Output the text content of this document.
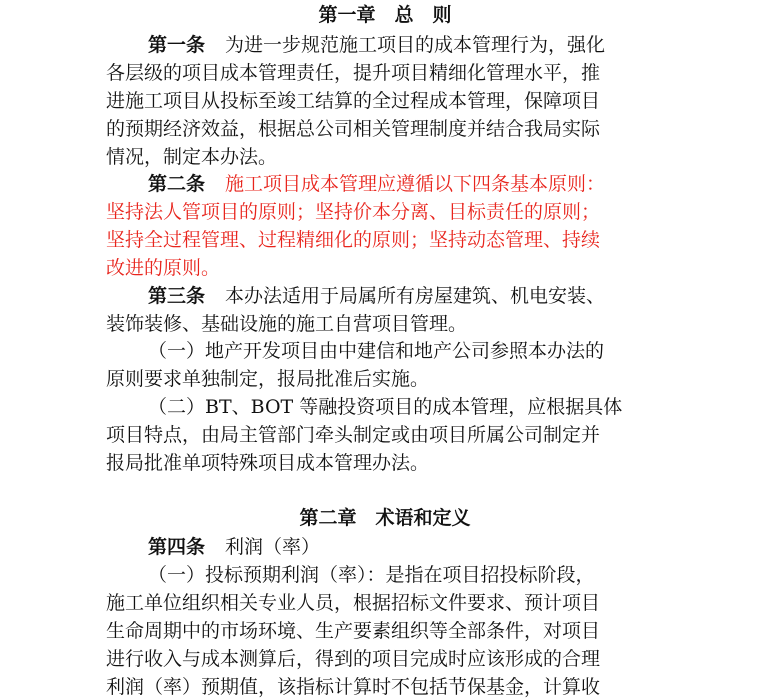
第一章　总　则
第一条 为进一步规范施工项目的成本管理行为，强化
各层级的项目成本管理责任，提升项目精细化管理水平，推
进施工项目从投标至竣工结算的全过程成本管理，保障项目
的预期经济效益，根据总公司相关管理制度并结合我局实际
情况，制定本办法。
第二条 施工项目成本管理应遵循以下四条基本原则：
坚持法人管项目的原则；坚持价本分离、目标责任的原则；
坚持全过程管理、过程精细化的原则；坚持动态管理、持续
改进的原则。
第三条 本办法适用于局属所有房屋建筑、机电安装、
装饰装修、基础设施的施工自营项目管理。
（一）地产开发项目由中建信和地产公司参照本办法的
原则要求单独制定，报局批准后实施。
（二）BT、BOT 等融投资项目的成本管理，应根据具体
项目特点，由局主管部门牵头制定或由项目所属公司制定并
报局批准单项特殊项目成本管理办法。
第二章　术语和定义
第四条 利润（率）
（一）投标预期利润（率）：是指在项目招投标阶段，
施工单位组织相关专业人员，根据招标文件要求、预计项目
生命周期中的市场环境、生产要素组织等全部条件，对项目
进行收入与成本测算后，得到的项目完成时应该形成的合理
利润（率）预期值，该指标计算时不包括节保基金，计算收
